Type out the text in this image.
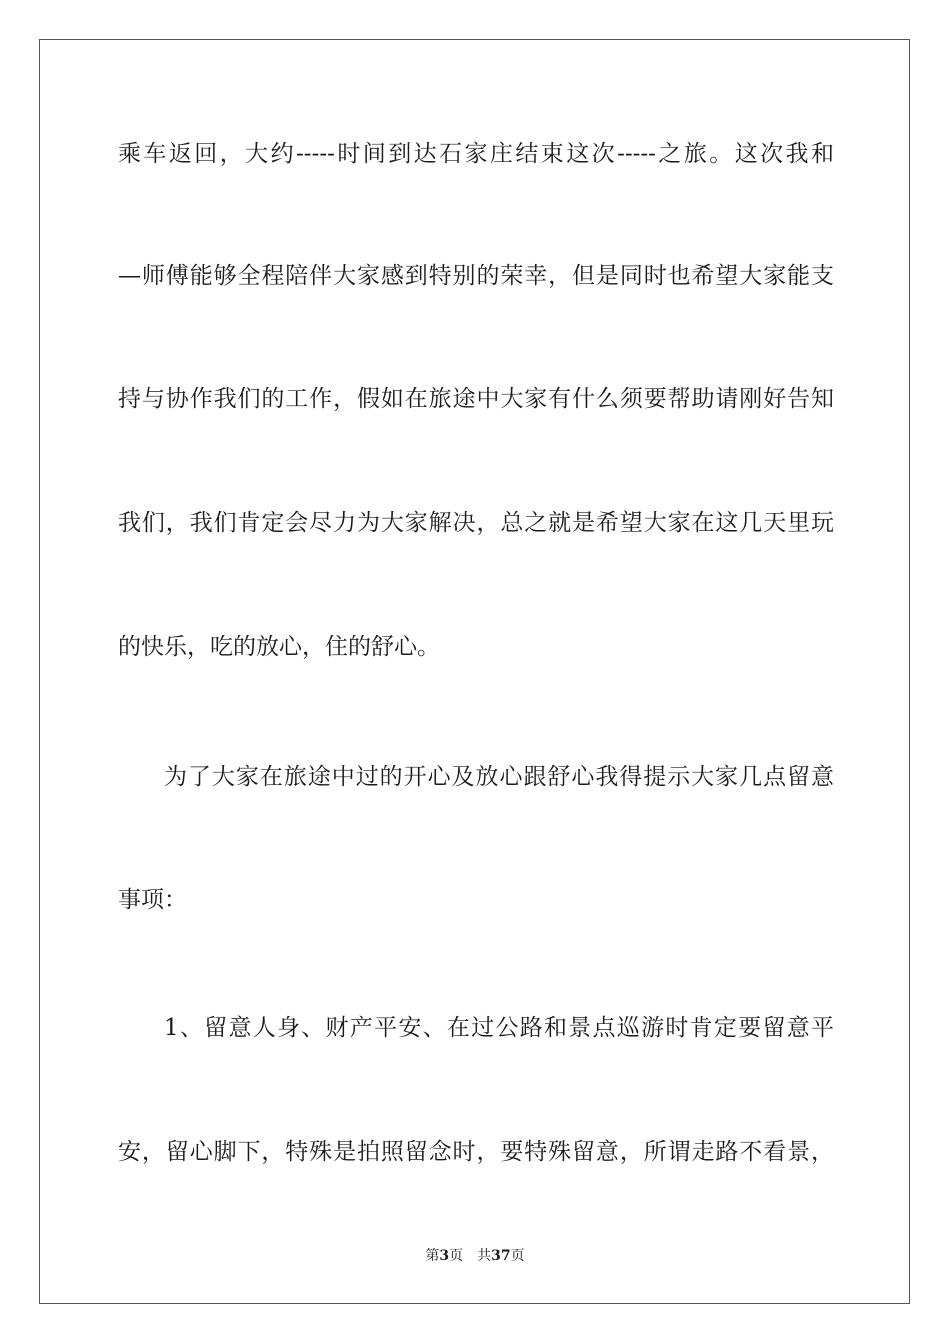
乘车返回，大约-----时间到达石家庄结束这次-----之旅。这次我和
—师傅能够全程陪伴大家感到特别的荣幸，但是同时也希望大家能支
持与协作我们的工作，假如在旅途中大家有什么须要帮助请刚好告知
我们，我们肯定会尽力为大家解决，总之就是希望大家在这几天里玩
的快乐，吃的放心，住的舒心。
为了大家在旅途中过的开心及放心跟舒心我得提示大家几点留意
事项：
1、留意人身、财产平安、在过公路和景点巡游时肯定要留意平
安，留心脚下，特殊是拍照留念时，要特殊留意，所谓走路不看景，
第3页 共37页
